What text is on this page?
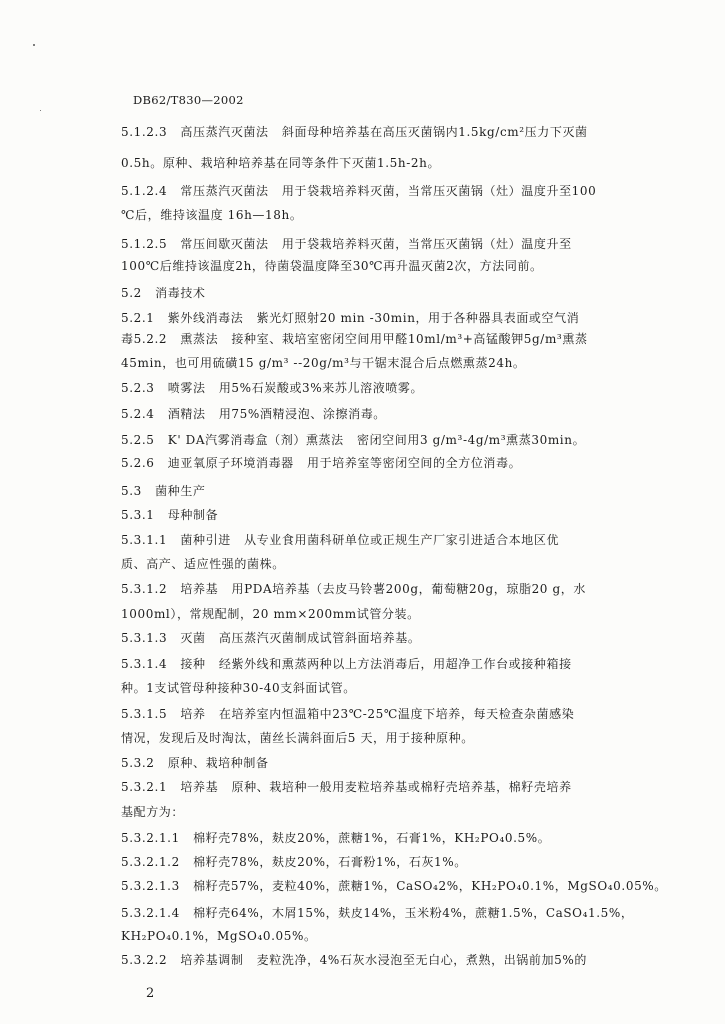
DB62/T830—2002
5.1.2.3   高压蒸汽灭菌法   斜面母种培养基在高压灭菌锅内1.5kg/cm²压力下灭菌
0.5h。原种、栽培种培养基在同等条件下灭菌1.5h-2h。
5.1.2.4   常压蒸汽灭菌法   用于袋栽培养料灭菌，当常压灭菌锅（灶）温度升至100
℃后，维持该温度 16h—18h。
5.1.2.5   常压间歇灭菌法   用于袋栽培养料灭菌，当常压灭菌锅（灶）温度升至
100℃后维持该温度2h，待菌袋温度降至30℃再升温灭菌2次，方法同前。
5.2   消毒技术
5.2.1   紫外线消毒法   紫光灯照射20 min -30min，用于各种器具表面或空气消
毒5.2.2   熏蒸法   接种室、栽培室密闭空间用甲醛10ml/m³+高锰酸钾5g/m³熏蒸
45min，也可用硫磺15 g/m³ --20g/m³与干锯末混合后点燃熏蒸24h。
5.2.3   喷雾法   用5%石炭酸或3%来苏儿溶液喷雾。
5.2.4   酒精法   用75%酒精浸泡、涂擦消毒。
5.2.5   K' DA汽雾消毒盒（剂）熏蒸法   密闭空间用3 g/m³-4g/m³熏蒸30min。
5.2.6   迪亚氧原子环境消毒器   用于培养室等密闭空间的全方位消毒。
5.3   菌种生产
5.3.1   母种制备
5.3.1.1   菌种引进   从专业食用菌科研单位或正规生产厂家引进适合本地区优
质、高产、适应性强的菌株。
5.3.1.2   培养基   用PDA培养基（去皮马铃薯200g，葡萄糖20g，琼脂20 g，水
1000ml），常规配制，20 mm×200mm试管分装。
5.3.1.3   灭菌   高压蒸汽灭菌制成试管斜面培养基。
5.3.1.4   接种   经紫外线和熏蒸两种以上方法消毒后，用超净工作台或接种箱接
种。1支试管母种接种30-40支斜面试管。
5.3.1.5   培养   在培养室内恒温箱中23℃-25℃温度下培养，每天检查杂菌感染
情况，发现后及时淘汰，菌丝长满斜面后5 天，用于接种原种。
5.3.2   原种、栽培种制备
5.3.2.1   培养基   原种、栽培种一般用麦粒培养基或棉籽壳培养基，棉籽壳培养
基配方为：
5.3.2.1.1   棉籽壳78%，麸皮20%，蔗糖1%，石膏1%，KH₂PO₄0.5%。
5.3.2.1.2   棉籽壳78%，麸皮20%，石膏粉1%，石灰1%。
5.3.2.1.3   棉籽壳57%，麦粒40%，蔗糖1%，CaSO₄2%，KH₂PO₄0.1%，MgSO₄0.05%。
5.3.2.1.4   棉籽壳64%，木屑15%，麸皮14%，玉米粉4%，蔗糖1.5%，CaSO₄1.5%，
KH₂PO₄0.1%，MgSO₄0.05%。
5.3.2.2   培养基调制   麦粒洗净，4%石灰水浸泡至无白心，煮熟，出锅前加5%的
2
